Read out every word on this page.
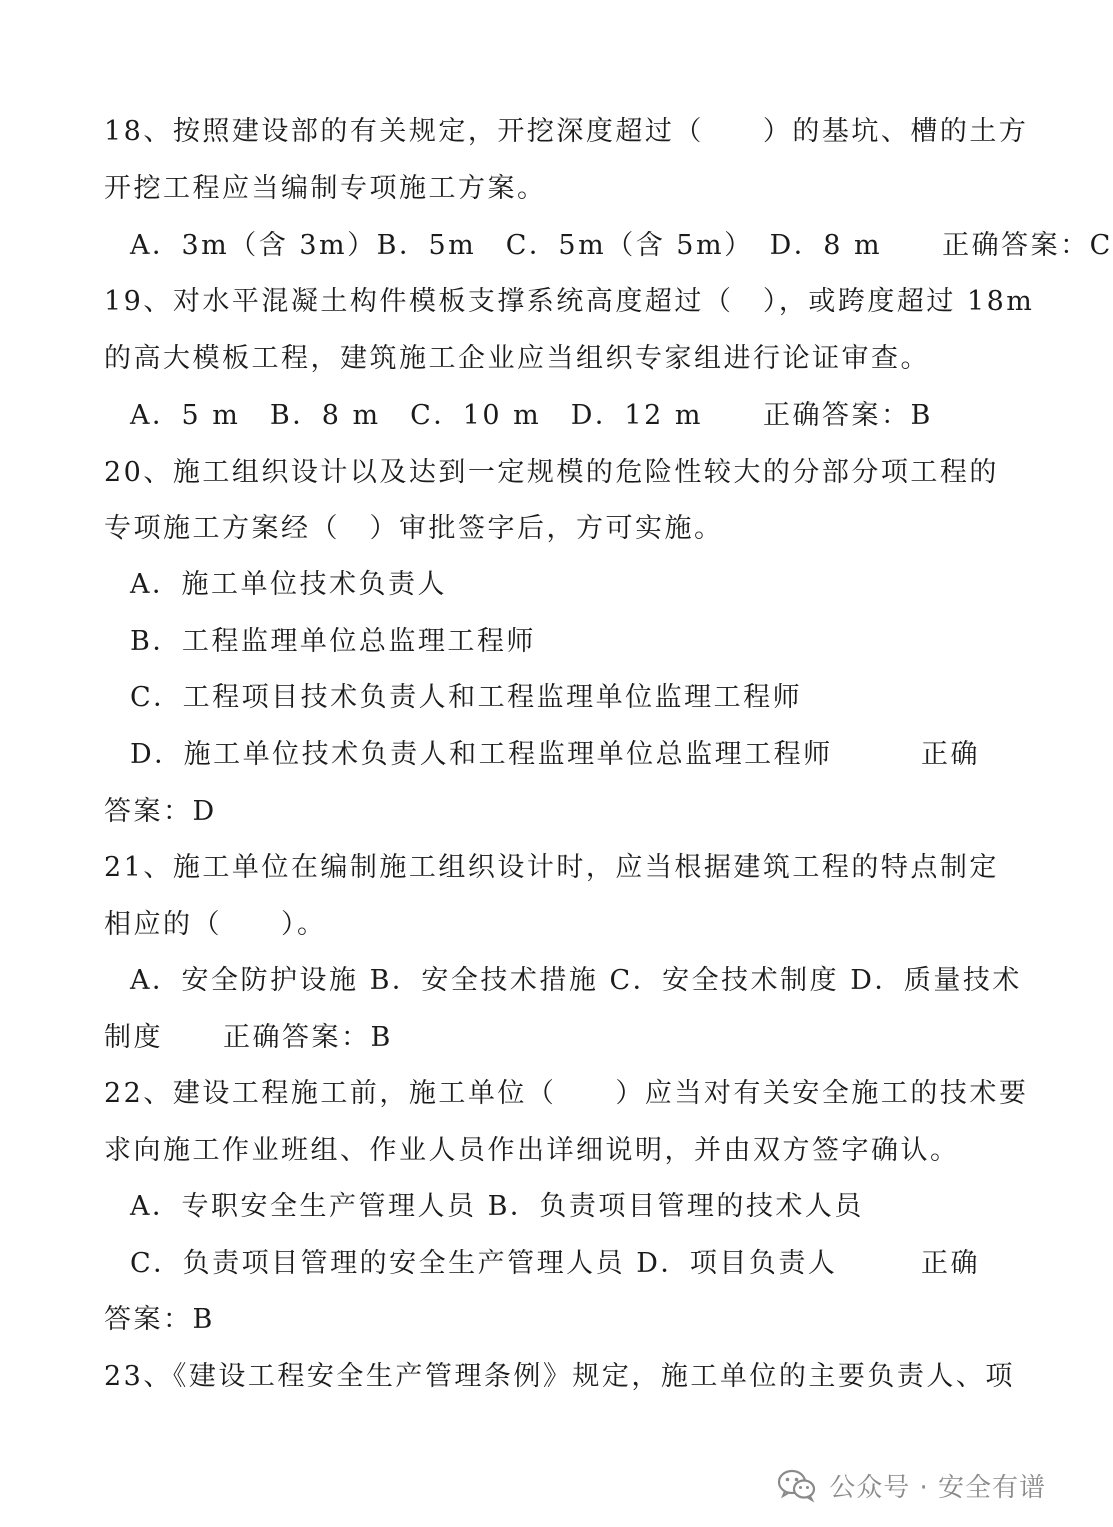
18、按照建设部的有关规定，开挖深度超过（　　）的基坑、槽的土方
开挖工程应当编制专项施工方案。
A．3m（含 3m）B．5m　C．5m（含 5m）　D．8 m 正确答案：C
19、对水平混凝土构件模板支撑系统高度超过（　），或跨度超过 18m
的高大模板工程，建筑施工企业应当组织专家组进行论证审查。
A．5 m　B．8 m　C．10 m　D．12 m 正确答案：B
20、施工组织设计以及达到一定规模的危险性较大的分部分项工程的
专项施工方案经（　）审批签字后，方可实施。
A．施工单位技术负责人
B．工程监理单位总监理工程师
C．工程项目技术负责人和工程监理单位监理工程师
D．施工单位技术负责人和工程监理单位总监理工程师	正确
答案：D
21、施工单位在编制施工组织设计时，应当根据建筑工程的特点制定
相应的（　　）。
A．安全防护设施 B．安全技术措施 C．安全技术制度 D．质量技术
制度 正确答案：B
22、建设工程施工前，施工单位（　　）应当对有关安全施工的技术要
求向施工作业班组、作业人员作出详细说明，并由双方签字确认。
A．专职安全生产管理人员 B．负责项目管理的技术人员
C．负责项目管理的安全生产管理人员 D．项目负责人	正确
答案：B
23、《建设工程安全生产管理条例》规定，施工单位的主要负责人、项
公众号 · 安全有谱
